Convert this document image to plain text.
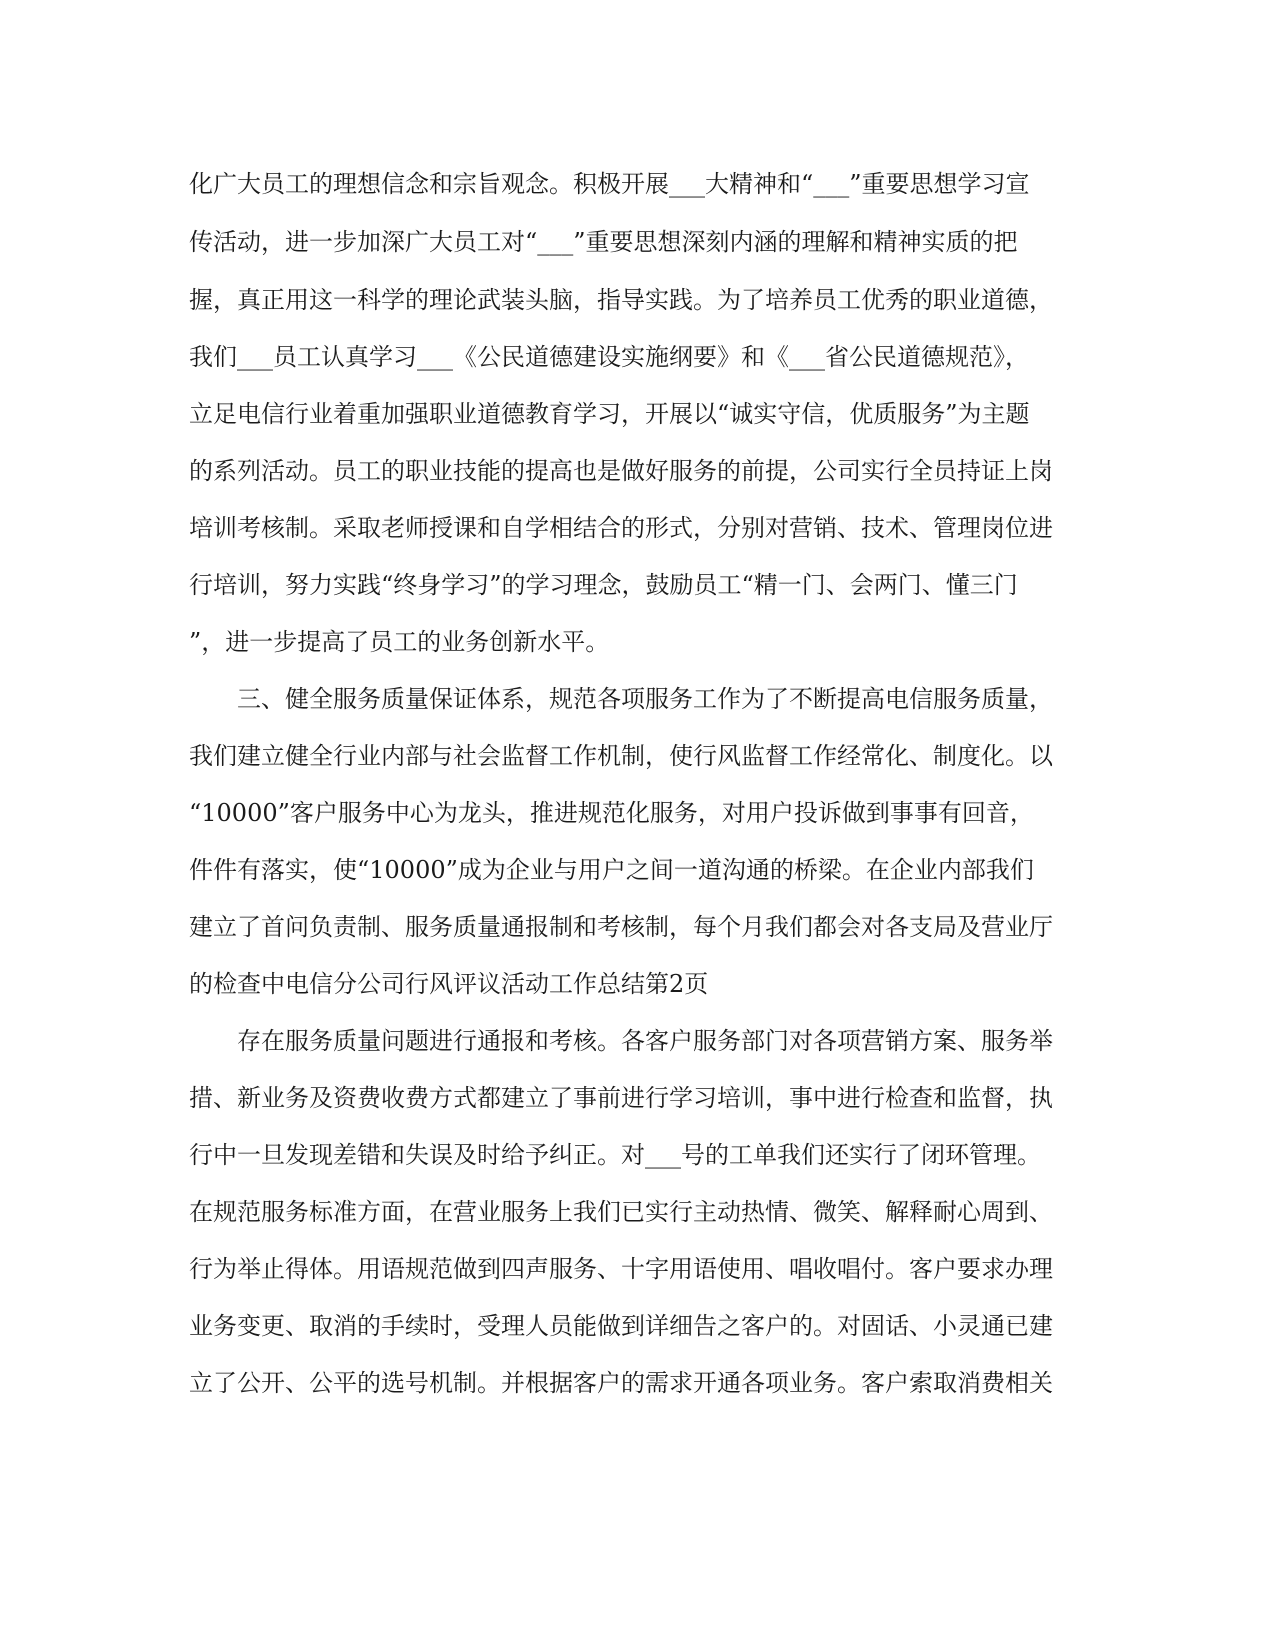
化广大员工的理想信念和宗旨观念。积极开展___大精神和“___”重要思想学习宣
传活动，进一步加深广大员工对“___”重要思想深刻内涵的理解和精神实质的把
握，真正用这一科学的理论武装头脑，指导实践。为了培养员工优秀的职业道德，
我们___员工认真学习___《公民道德建设实施纲要》和《___省公民道德规范》，
立足电信行业着重加强职业道德教育学习，开展以“诚实守信，优质服务”为主题
的系列活动。员工的职业技能的提高也是做好服务的前提，公司实行全员持证上岗
培训考核制。采取老师授课和自学相结合的形式，分别对营销、技术、管理岗位进
行培训，努力实践“终身学习”的学习理念，鼓励员工“精一门、会两门、懂三门
”，进一步提高了员工的业务创新水平。
三、健全服务质量保证体系，规范各项服务工作为了不断提高电信服务质量，
我们建立健全行业内部与社会监督工作机制，使行风监督工作经常化、制度化。以
“10000”客户服务中心为龙头，推进规范化服务，对用户投诉做到事事有回音，
件件有落实，使“10000”成为企业与用户之间一道沟通的桥梁。在企业内部我们
建立了首问负责制、服务质量通报制和考核制，每个月我们都会对各支局及营业厅
的检查中电信分公司行风评议活动工作总结第2页
存在服务质量问题进行通报和考核。各客户服务部门对各项营销方案、服务举
措、新业务及资费收费方式都建立了事前进行学习培训，事中进行检查和监督，执
行中一旦发现差错和失误及时给予纠正。对___号的工单我们还实行了闭环管理。
在规范服务标准方面，在营业服务上我们已实行主动热情、微笑、解释耐心周到、
行为举止得体。用语规范做到四声服务、十字用语使用、唱收唱付。客户要求办理
业务变更、取消的手续时，受理人员能做到详细告之客户的。对固话、小灵通已建
立了公开、公平的选号机制。并根据客户的需求开通各项业务。客户索取消费相关
